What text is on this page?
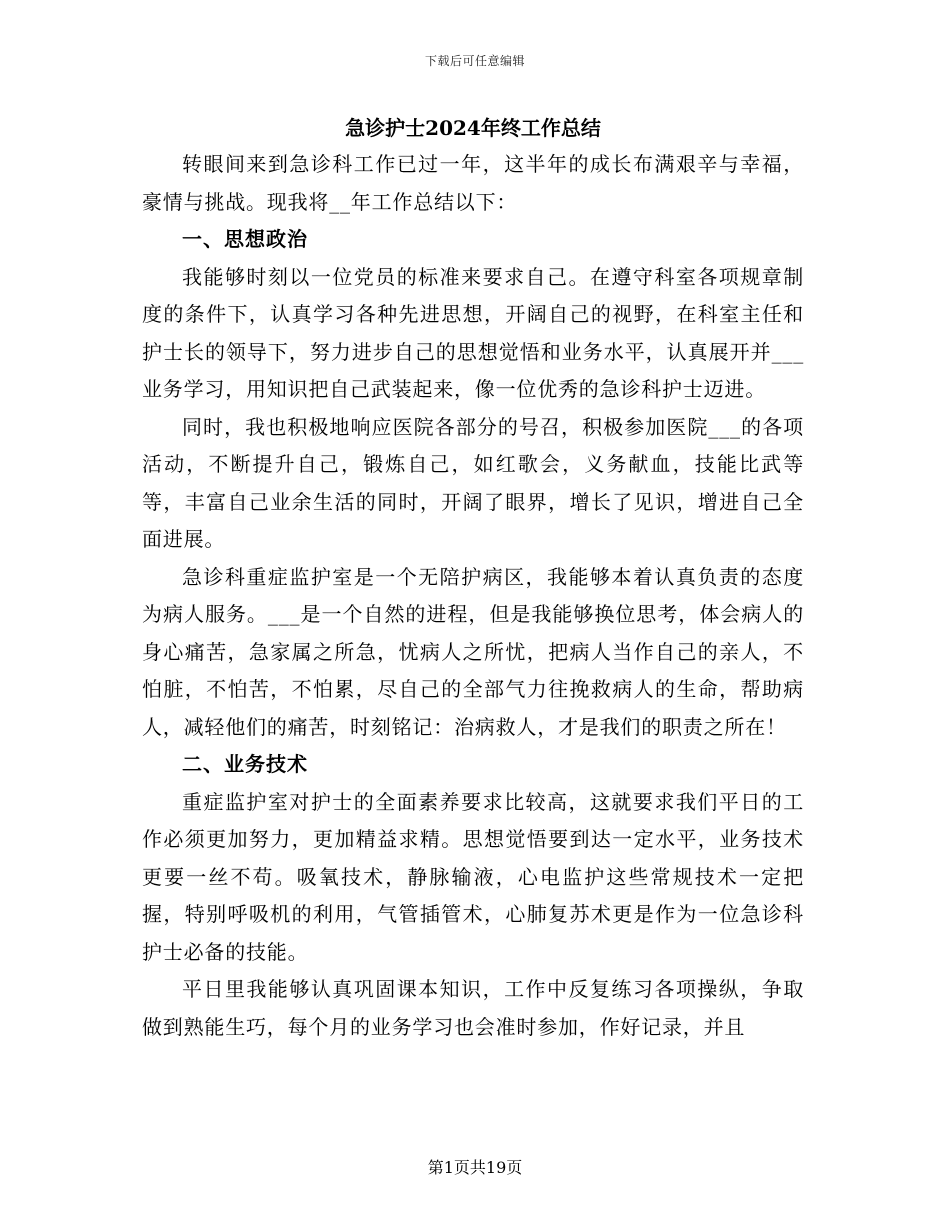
下载后可任意编辑
急诊护士2024年终工作总结

转眼间来到急诊科工作已过一年，这半年的成长布满艰辛与幸福，豪情与挑战。现我将__年工作总结以下：

一、思想政治

我能够时刻以一位党员的标准来要求自己。在遵守科室各项规章制度的条件下，认真学习各种先进思想，开阔自己的视野，在科室主任和护士长的领导下，努力进步自己的思想觉悟和业务水平，认真展开并___业务学习，用知识把自己武装起来，像一位优秀的急诊科护士迈进。

同时，我也积极地响应医院各部分的号召，积极参加医院___的各项活动，不断提升自己，锻炼自己，如红歌会，义务献血，技能比武等等，丰富自己业余生活的同时，开阔了眼界，增长了见识，增进自己全面进展。

急诊科重症监护室是一个无陪护病区，我能够本着认真负责的态度为病人服务。___是一个自然的进程，但是我能够换位思考，体会病人的身心痛苦，急家属之所急，忧病人之所忧，把病人当作自己的亲人，不怕脏，不怕苦，不怕累，尽自己的全部气力往挽救病人的生命，帮助病人，减轻他们的痛苦，时刻铭记：治病救人，才是我们的职责之所在！

二、业务技术

重症监护室对护士的全面素养要求比较高，这就要求我们平日的工作必须更加努力，更加精益求精。思想觉悟要到达一定水平，业务技术更要一丝不苟。吸氧技术，静脉输液，心电监护这些常规技术一定把握，特别呼吸机的利用，气管插管术，心肺复苏术更是作为一位急诊科护士必备的技能。

平日里我能够认真巩固课本知识，工作中反复练习各项操纵，争取做到熟能生巧，每个月的业务学习也会准时参加，作好记录，并且

第1页共19页
